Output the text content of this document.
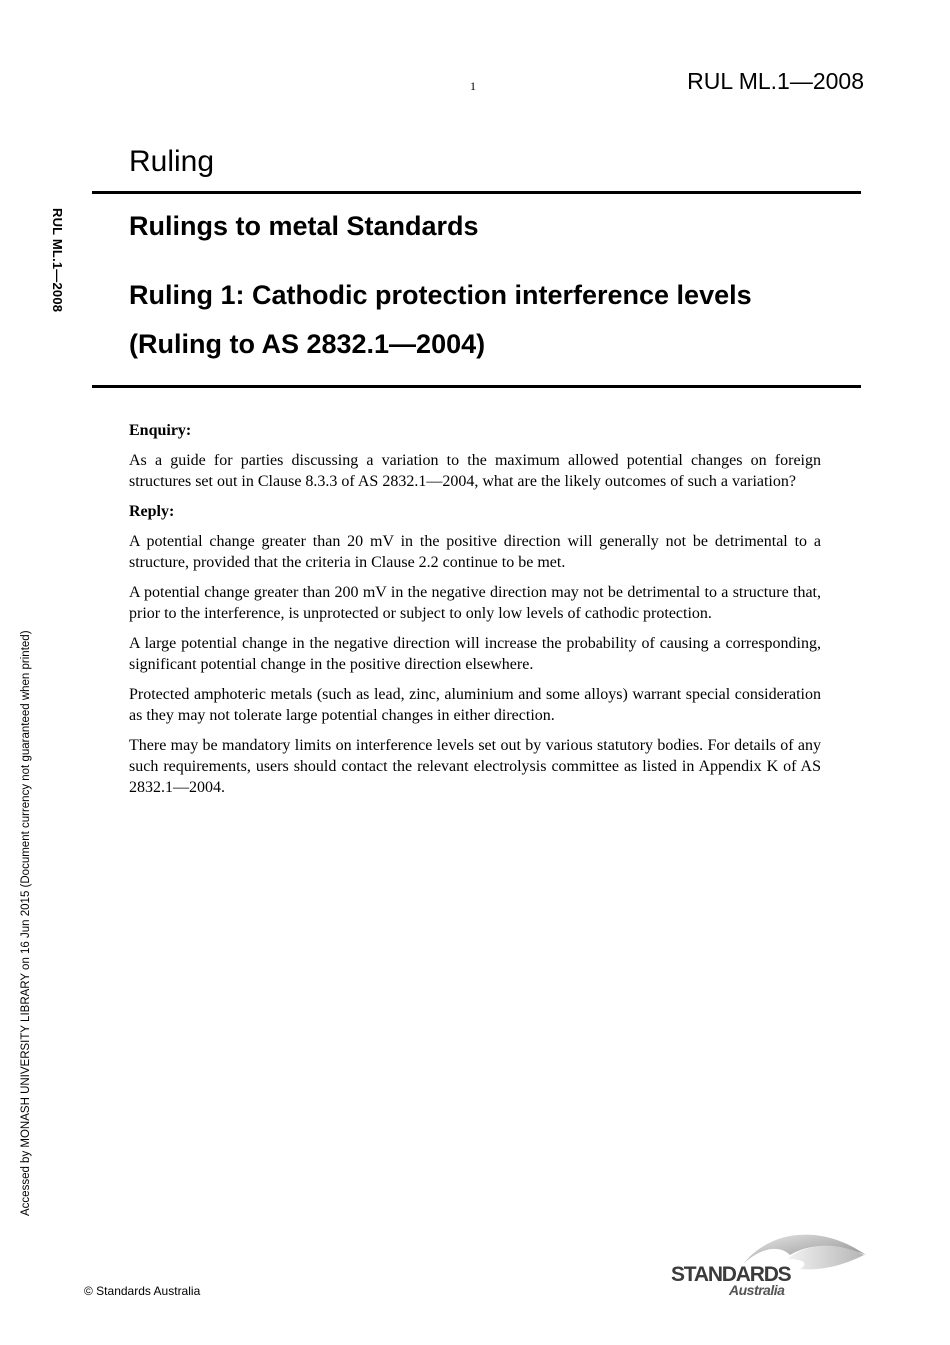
1	RUL ML.1—2008
RUL ML.1—2008
Accessed by MONASH UNIVERSITY LIBRARY on 16 Jun 2015 (Document currency not guaranteed when printed)
Ruling
Rulings to metal Standards
Ruling 1: Cathodic protection interference levels
(Ruling to AS 2832.1—2004)
Enquiry:

As a guide for parties discussing a variation to the maximum allowed potential changes on foreign structures set out in Clause 8.3.3 of AS 2832.1—2004, what are the likely outcomes of such a variation?

Reply:

A potential change greater than 20 mV in the positive direction will generally not be detrimental to a structure, provided that the criteria in Clause 2.2 continue to be met.

A potential change greater than 200 mV in the negative direction may not be detrimental to a structure that, prior to the interference, is unprotected or subject to only low levels of cathodic protection.

A large potential change in the negative direction will increase the probability of causing a corresponding, significant potential change in the positive direction elsewhere.

Protected amphoteric metals (such as lead, zinc, aluminium and some alloys) warrant special consideration as they may not tolerate large potential changes in either direction.

There may be mandatory limits on interference levels set out by various statutory bodies. For details of any such requirements, users should contact the relevant electrolysis committee as listed in Appendix K of AS 2832.1—2004.

© Standards Australia
STANDARDS
Australia
